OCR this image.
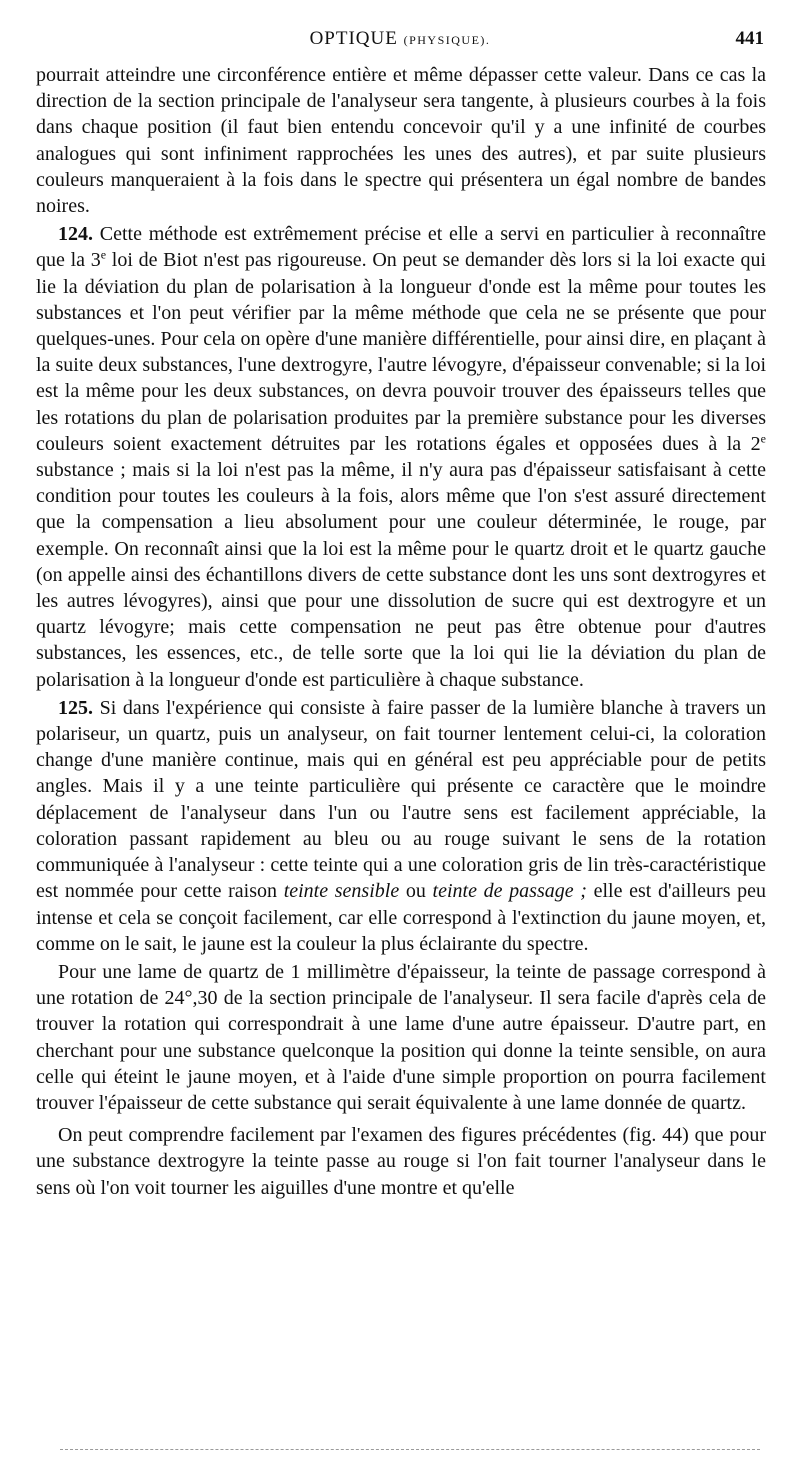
OPTIQUE (PHYSIQUE).	441

pourrait atteindre une circonférence entière et même dépasser cette valeur. Dans ce cas la direction de la section principale de l'analyseur sera tangente, à plusieurs courbes à la fois dans chaque position (il faut bien entendu concevoir qu'il y a une infinité de courbes analogues qui sont infiniment rapprochées les unes des autres), et par suite plusieurs couleurs manqueraient à la fois dans le spectre qui présentera un égal nombre de bandes noires.

124. Cette méthode est extrêmement précise et elle a servi en particulier à reconnaître que la 3e loi de Biot n'est pas rigoureuse. On peut se demander dès lors si la loi exacte qui lie la déviation du plan de polarisation à la longueur d'onde est la même pour toutes les substances et l'on peut vérifier par la même méthode que cela ne se présente que pour quelques-unes. Pour cela on opère d'une manière différentielle, pour ainsi dire, en plaçant à la suite deux substances, l'une dextrogyre, l'autre lévogyre, d'épaisseur convenable; si la loi est la même pour les deux substances, on devra pouvoir trouver des épaisseurs telles que les rotations du plan de polarisation produites par la première substance pour les diverses couleurs soient exactement détruites par les rotations égales et opposées dues à la 2e substance ; mais si la loi n'est pas la même, il n'y aura pas d'épaisseur satisfaisant à cette condition pour toutes les couleurs à la fois, alors même que l'on s'est assuré directement que la compensation a lieu absolument pour une couleur déterminée, le rouge, par exemple. On reconnaît ainsi que la loi est la même pour le quartz droit et le quartz gauche (on appelle ainsi des échantillons divers de cette substance dont les uns sont dextrogyres et les autres lévogyres), ainsi que pour une dissolution de sucre qui est dextrogyre et un quartz lévogyre; mais cette compensation ne peut pas être obtenue pour d'autres substances, les essences, etc., de telle sorte que la loi qui lie la déviation du plan de polarisation à la longueur d'onde est particulière à chaque substance.

125. Si dans l'expérience qui consiste à faire passer de la lumière blanche à travers un polariseur, un quartz, puis un analyseur, on fait tourner lentement celui-ci, la coloration change d'une manière continue, mais qui en général est peu appréciable pour de petits angles. Mais il y a une teinte particulière qui présente ce caractère que le moindre déplacement de l'analyseur dans l'un ou l'autre sens est facilement appréciable, la coloration passant rapidement au bleu ou au rouge suivant le sens de la rotation communiquée à l'analyseur : cette teinte qui a une coloration gris de lin très-caractéristique est nommée pour cette raison teinte sensible ou teinte de passage ; elle est d'ailleurs peu intense et cela se conçoit facilement, car elle correspond à l'extinction du jaune moyen, et, comme on le sait, le jaune est la couleur la plus éclairante du spectre.

Pour une lame de quartz de 1 millimètre d'épaisseur, la teinte de passage correspond à une rotation de 24°,30 de la section principale de l'analyseur. Il sera facile d'après cela de trouver la rotation qui correspondrait à une lame d'une autre épaisseur. D'autre part, en cherchant pour une substance quelconque la position qui donne la teinte sensible, on aura celle qui éteint le jaune moyen, et à l'aide d'une simple proportion on pourra facilement trouver l'épaisseur de cette substance qui serait équivalente à une lame donnée de quartz.

On peut comprendre facilement par l'examen des figures précédentes (fig. 44) que pour une substance dextrogyre la teinte passe au rouge si l'on fait tourner l'analyseur dans le sens où l'on voit tourner les aiguilles d'une montre et qu'elle
